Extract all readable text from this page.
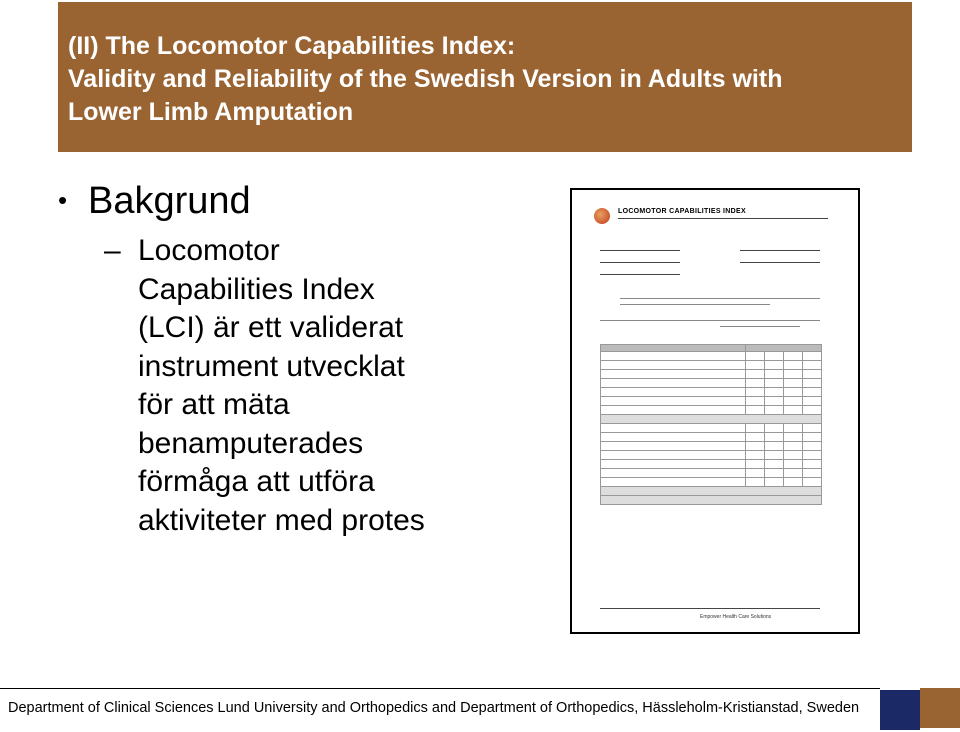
(II) The Locomotor Capabilities Index:
Validity and Reliability of the Swedish Version in Adults with
Lower Limb Amputation
• Bakgrund
– Locomotor
Capabilities Index
(LCI) är ett validerat
instrument utvecklat
för att mäta
benamputerades
förmåga att utföra
aktiviteter med protes
LOCOMOTOR CAPABILITIES INDEX

Empower Health Care Solutions
Department of Clinical Sciences Lund University and Orthopedics and Department of Orthopedics, Hässleholm-Kristianstad, Sweden
